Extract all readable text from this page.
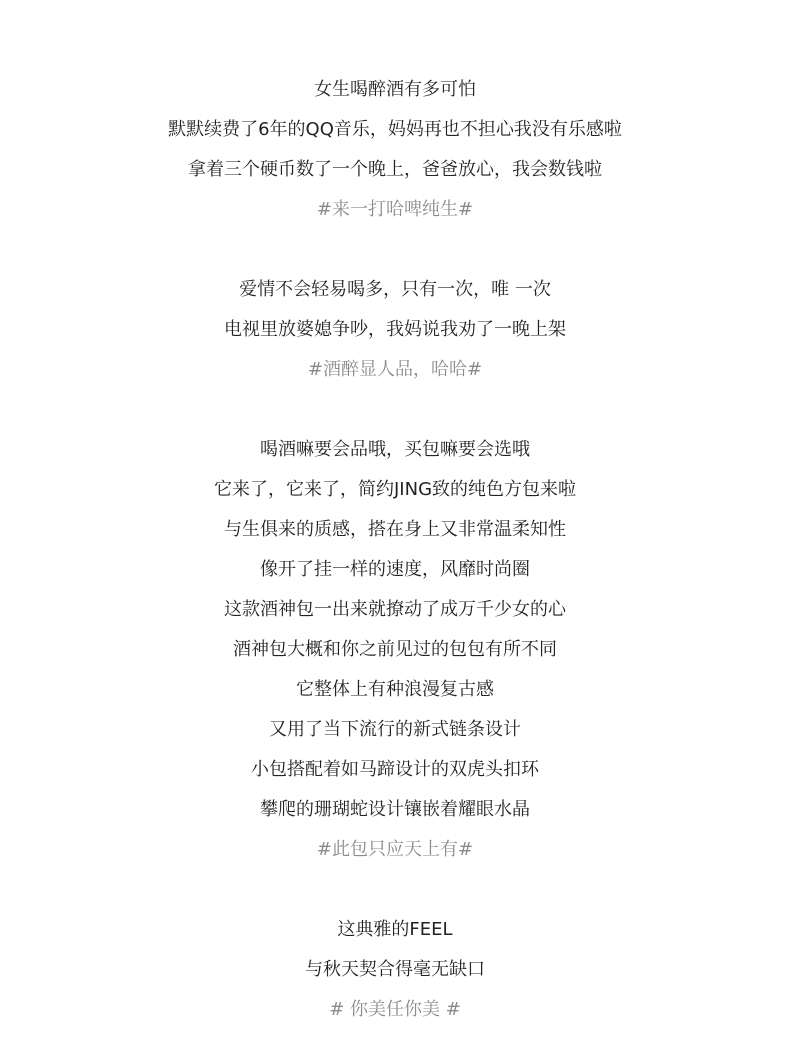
女生喝醉酒有多可怕
默默续费了6年的QQ音乐，妈妈再也不担心我没有乐感啦
拿着三个硬币数了一个晚上，爸爸放心，我会数钱啦
#来一打哈啤纯生#
爱情不会轻易喝多，只有一次，唯 一次
电视里放婆媳争吵，我妈说我劝了一晚上架
#酒醉显人品，哈哈#
喝酒嘛要会品哦，买包嘛要会选哦
它来了，它来了，简约JING致的纯色方包来啦
与生俱来的质感，搭在身上又非常温柔知性
像开了挂一样的速度，风靡时尚圈
这款酒神包一出来就撩动了成万千少女的心
酒神包大概和你之前见过的包包有所不同
它整体上有种浪漫复古感
又用了当下流行的新式链条设计
小包搭配着如马蹄设计的双虎头扣环
攀爬的珊瑚蛇设计镶嵌着耀眼水晶
#此包只应天上有#
这典雅的FEEL
与秋天契合得毫无缺口
# 你美任你美 #
